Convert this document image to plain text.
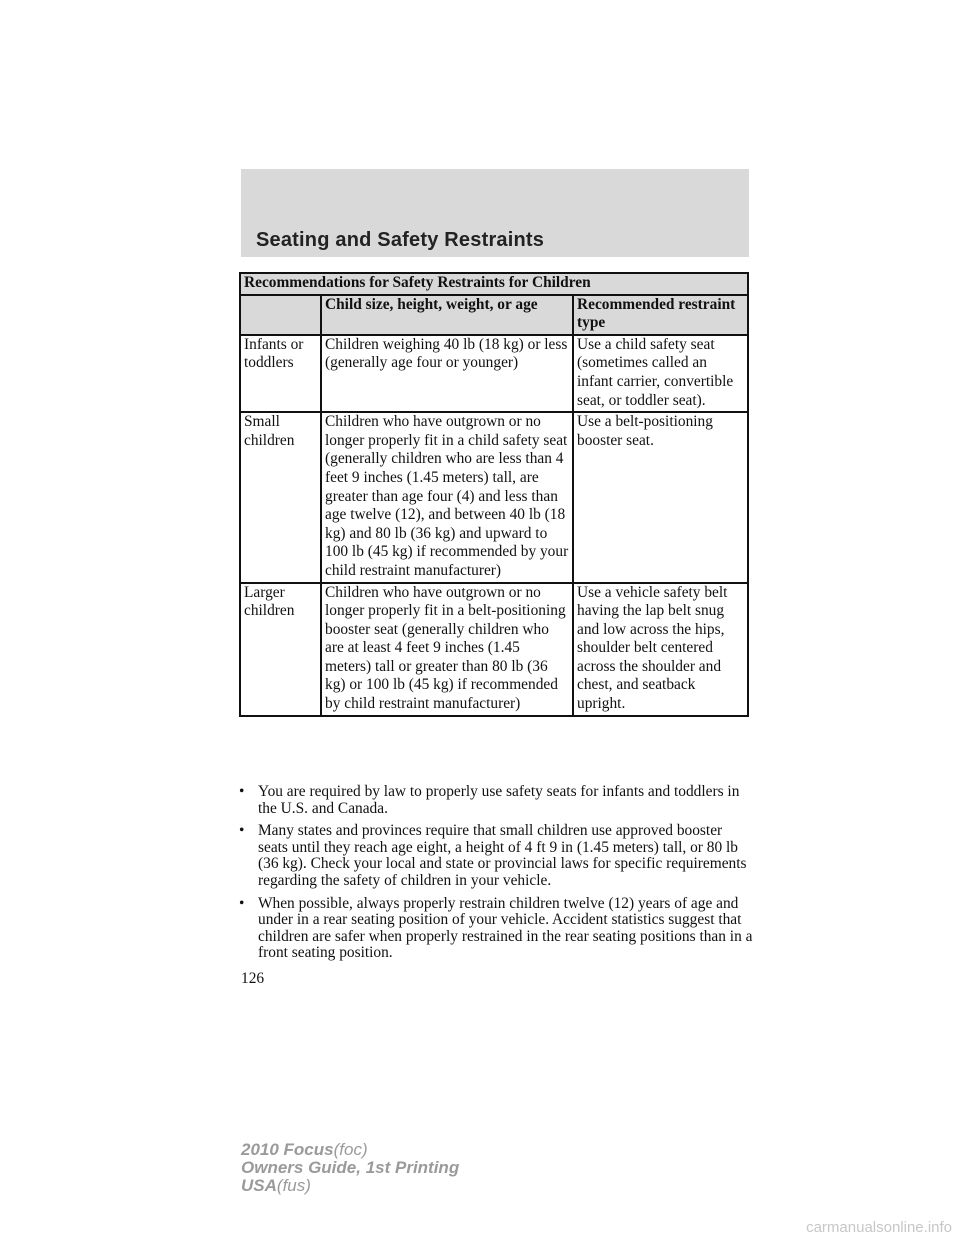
Seating and Safety Restraints
Recommendations for Safety Restraints for Children		
	Child size, height, weight, or age	Recommended restraint type
Infants or toddlers	Children weighing 40 lb (18 kg) or less (generally age four or younger)	Use a child safety seat (sometimes called an infant carrier, convertible seat, or toddler seat).
Small children	Children who have outgrown or no longer properly fit in a child safety seat (generally children who are less than 4 feet 9 inches (1.45 meters) tall, are greater than age four (4) and less than age twelve (12), and between 40 lb (18 kg) and 80 lb (36 kg) and upward to 100 lb (45 kg) if recommended by your child restraint manufacturer)	Use a belt-positioning booster seat.
Larger children	Children who have outgrown or no longer properly fit in a belt-positioning booster seat (generally children who are at least 4 feet 9 inches (1.45 meters) tall or greater than 80 lb (36 kg) or 100 lb (45 kg) if recommended by child restraint manufacturer)	Use a vehicle safety belt having the lap belt snug and low across the hips, shoulder belt centered across the shoulder and chest, and seatback upright.
• You are required by law to properly use safety seats for infants and toddlers in the U.S. and Canada.
• Many states and provinces require that small children use approved booster seats until they reach age eight, a height of 4 ft 9 in (1.45 meters) tall, or 80 lb (36 kg). Check your local and state or provincial laws for specific requirements regarding the safety of children in your vehicle.
• When possible, always properly restrain children twelve (12) years of age and under in a rear seating position of your vehicle. Accident statistics suggest that children are safer when properly restrained in the rear seating positions than in a front seating position.
126
2010 Focus(foc)
Owners Guide, 1st Printing
USA(fus)
carmanualsonline.info
